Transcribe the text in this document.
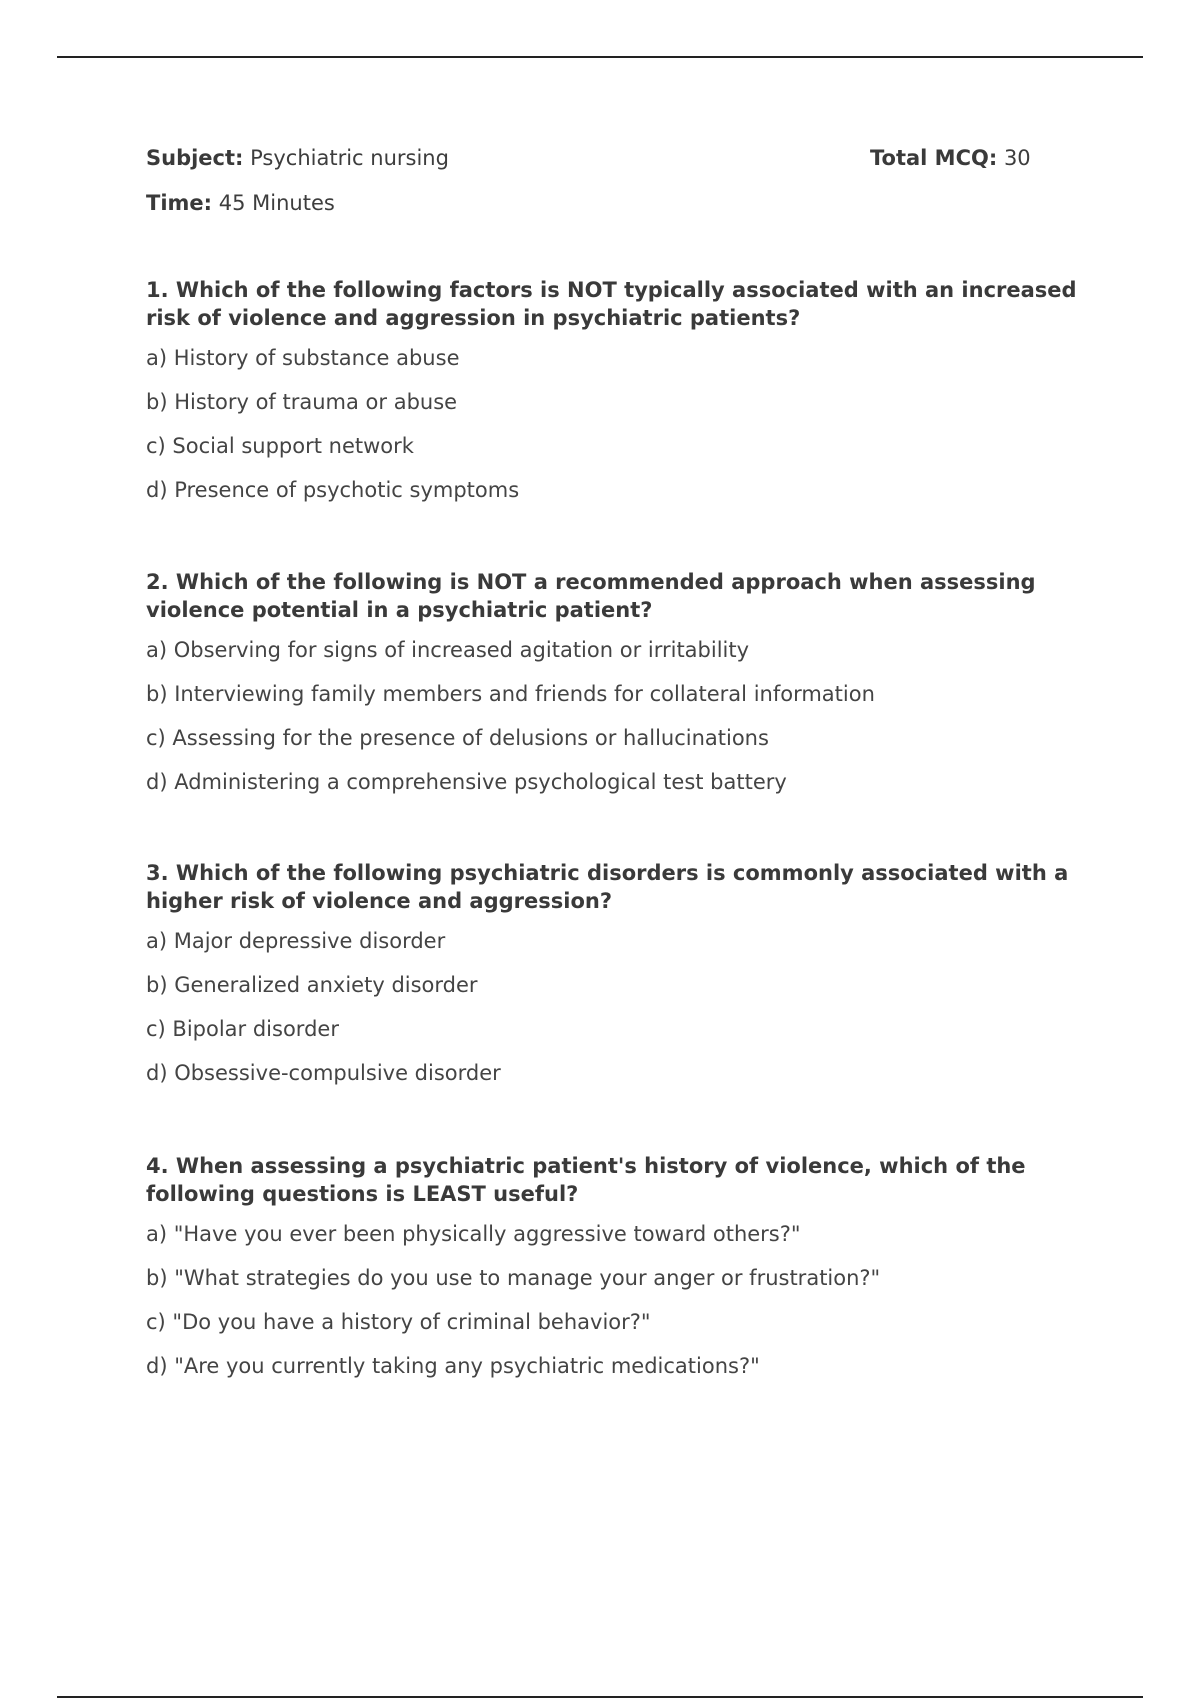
Subject: Psychiatric nursing	Total MCQ: 30
Time: 45 Minutes

1. Which of the following factors is NOT typically associated with an increased risk of violence and aggression in psychiatric patients?

a) History of substance abuse
b) History of trauma or abuse
c) Social support network
d) Presence of psychotic symptoms

2. Which of the following is NOT a recommended approach when assessing violence potential in a psychiatric patient?

a) Observing for signs of increased agitation or irritability
b) Interviewing family members and friends for collateral information
c) Assessing for the presence of delusions or hallucinations
d) Administering a comprehensive psychological test battery

3. Which of the following psychiatric disorders is commonly associated with a higher risk of violence and aggression?

a) Major depressive disorder
b) Generalized anxiety disorder
c) Bipolar disorder
d) Obsessive-compulsive disorder

4. When assessing a psychiatric patient's history of violence, which of the following questions is LEAST useful?

a) "Have you ever been physically aggressive toward others?"
b) "What strategies do you use to manage your anger or frustration?"
c) "Do you have a history of criminal behavior?"
d) "Are you currently taking any psychiatric medications?"
